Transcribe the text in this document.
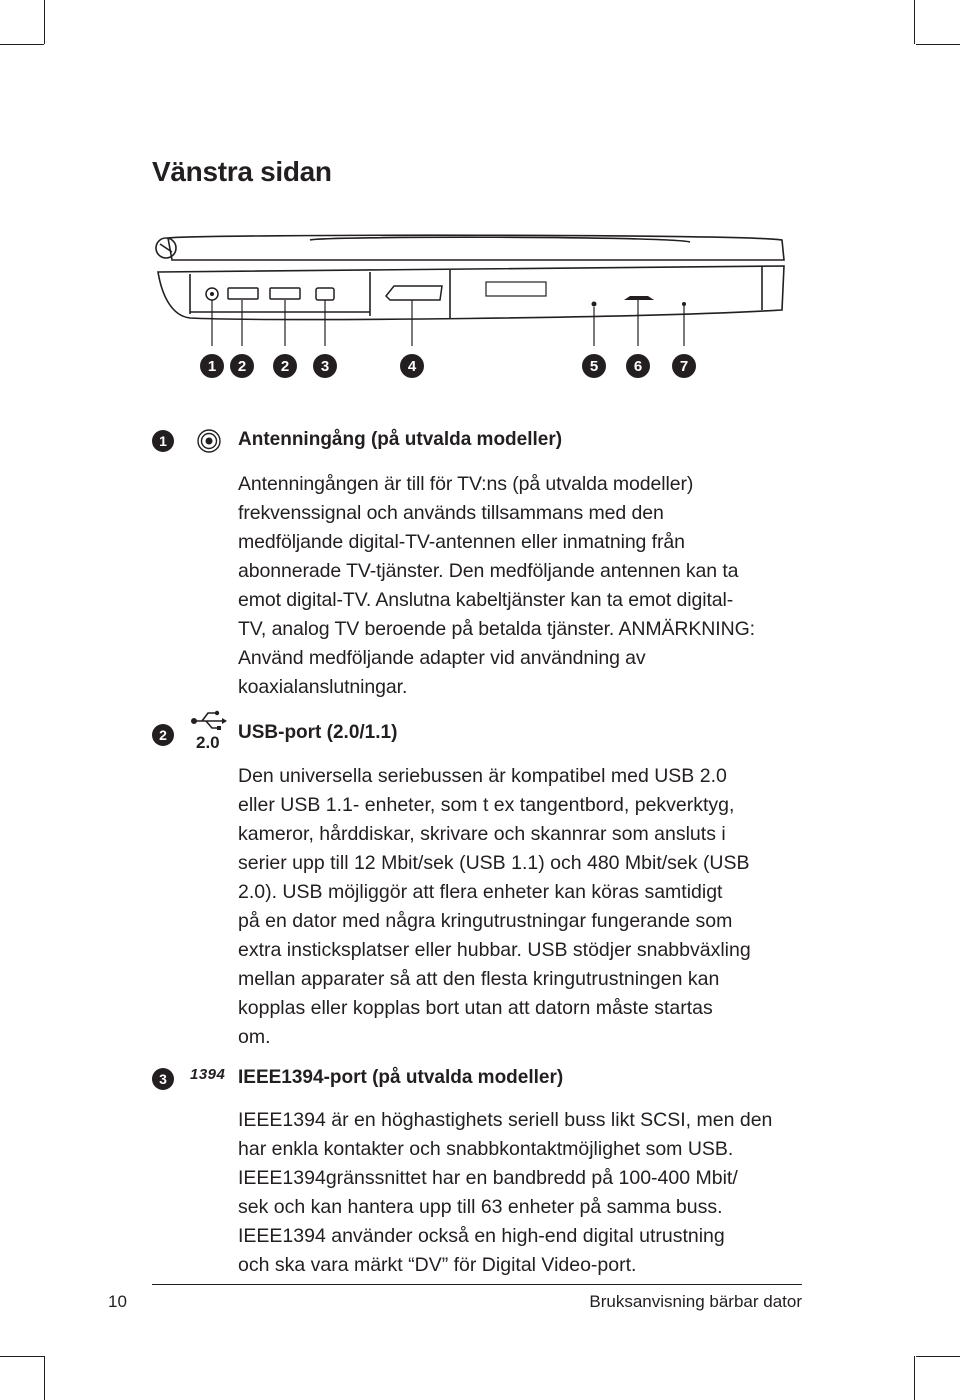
Vänstra sidan
1	2	2	3	4	5	6	7
1	Antenningång (på utvalda modeller)
Antenningången är till för TV:ns (på utvalda modeller)
frekvenssignal och används tillsammans med den
medföljande digital-TV-antennen eller inmatning från
abonnerade TV-tjänster. Den medföljande antennen kan ta
emot digital-TV. Anslutna kabeltjänster kan ta emot digital-
TV, analog TV beroende på betalda tjänster. ANMÄRKNING:
Använd medföljande adapter vid användning av
koaxialanslutningar.
2	2.0 USB-port (2.0/1.1)
Den universella seriebussen är kompatibel med USB 2.0
eller USB 1.1- enheter, som t ex tangentbord, pekverktyg,
kameror, hårddiskar, skrivare och skannrar som ansluts i
serier upp till 12 Mbit/sek (USB 1.1) och 480 Mbit/sek (USB
2.0). USB möjliggör att flera enheter kan köras samtidigt
på en dator med några kringutrustningar fungerande som
extra insticksplatser eller hubbar. USB stödjer snabbväxling
mellan apparater så att den flesta kringutrustningen kan
kopplas eller kopplas bort utan att datorn måste startas
om.
3	1394 IEEE1394-port (på utvalda modeller)
IEEE1394 är en höghastighets seriell buss likt SCSI, men den
har enkla kontakter och snabbkontaktmöjlighet som USB.
IEEE1394gränssnittet har en bandbredd på 100-400 Mbit/
sek och kan hantera upp till 63 enheter på samma buss.
IEEE1394 använder också en high-end digital utrustning
och ska vara märkt “DV” för Digital Video-port.
10	Bruksanvisning bärbar dator
